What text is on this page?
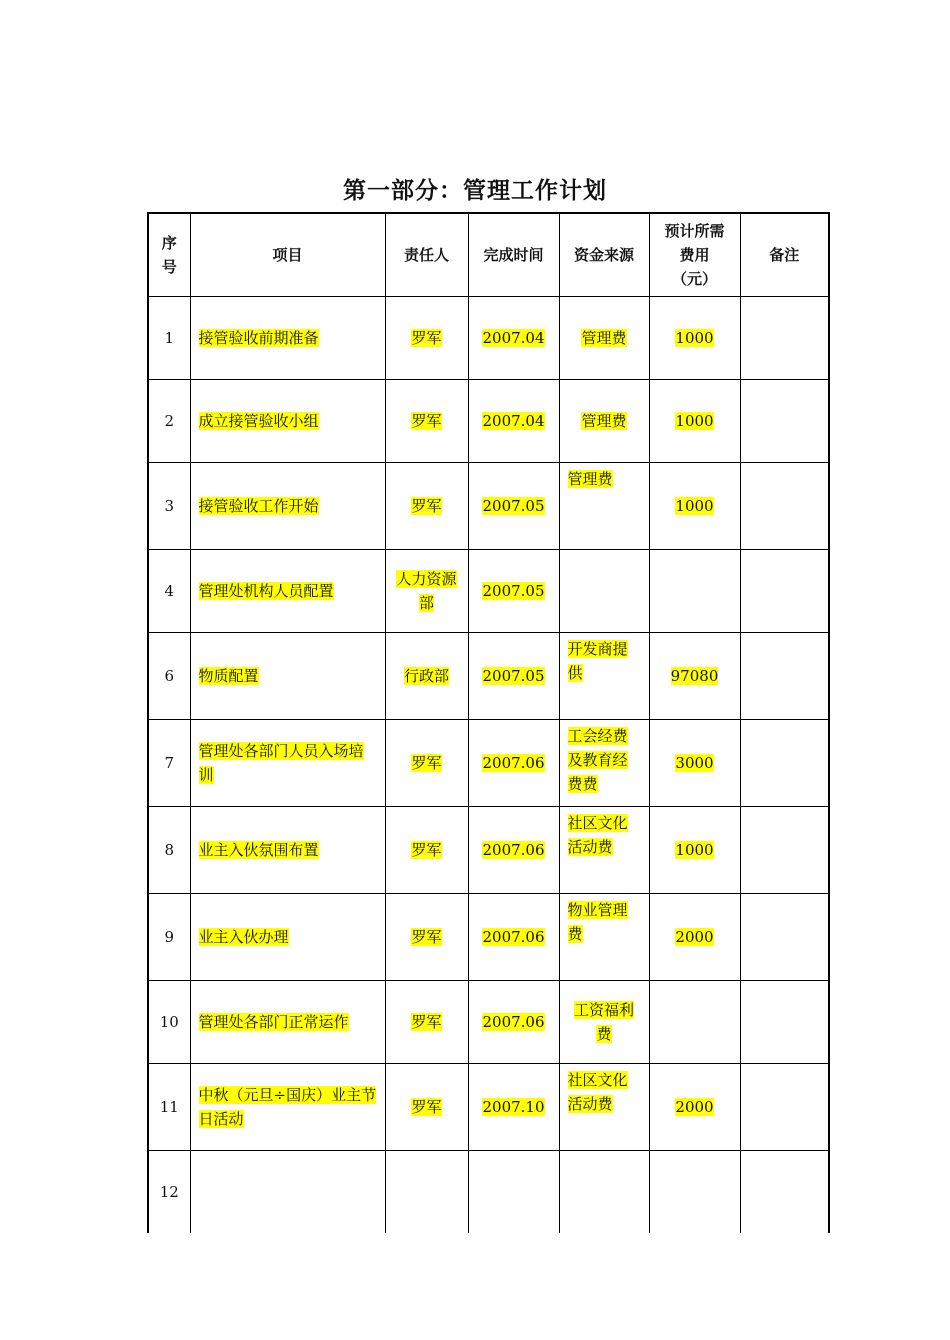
第一部分：管理工作计划
序号	项目	责任人	完成时间	资金来源	预计所需费用（元）	备注
1	接管验收前期准备	罗军	2007.04	管理费	1000	
2	成立接管验收小组	罗军	2007.04	管理费	1000	
3	接管验收工作开始	罗军	2007.05	管理费	1000	
4	管理处机构人员配置	人力资源部	2007.05			
6	物质配置	行政部	2007.05	开发商提供	97080	
7	管理处各部门人员入场培训	罗军	2007.06	工会经费及教育经费费	3000	
8	业主入伙氛围布置	罗军	2007.06	社区文化活动费	1000	
9	业主入伙办理	罗军	2007.06	物业管理费	2000	
10	管理处各部门正常运作	罗军	2007.06	工资福利费		

11	中秋（元旦÷国庆）业主节日活动	罗军	2007.10	社区文化活动费	2000	
12						
